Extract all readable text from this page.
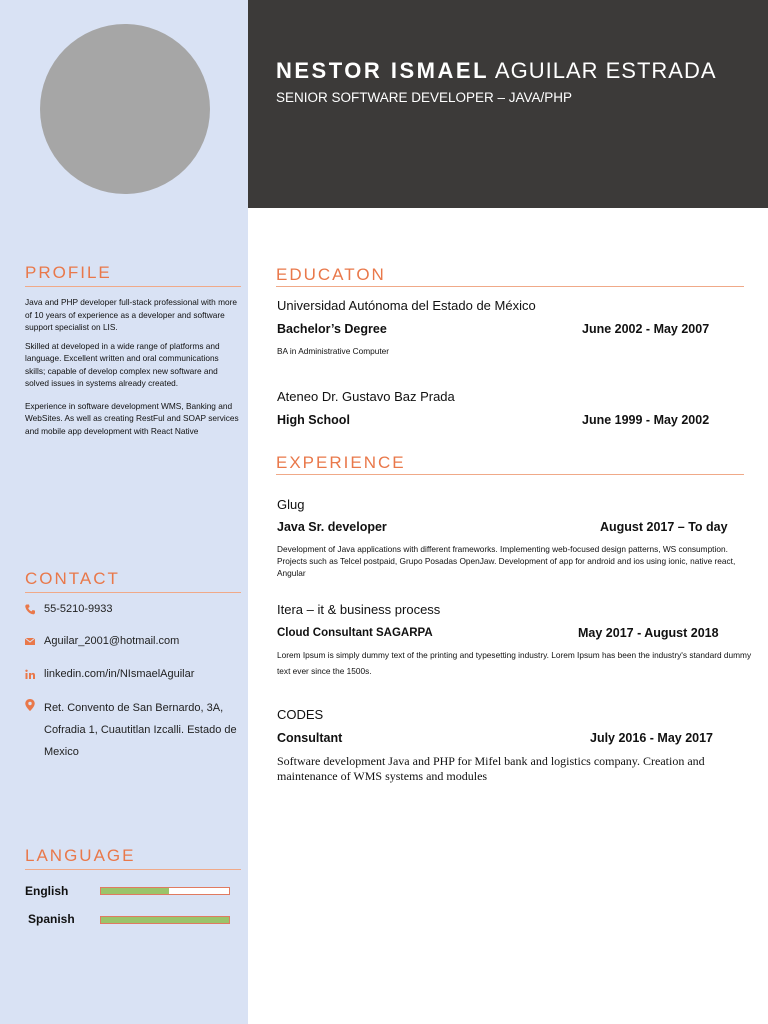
NESTOR ISMAEL AGUILAR ESTRADA
SENIOR SOFTWARE DEVELOPER – JAVA/PHP
PROFILE

Java and PHP developer full-stack professional with more of 10 years of experience as a developer and software support specialist on LIS.

Skilled at developed in a wide range of platforms and language. Excellent written and oral communications skills; capable of develop complex new software and solved issues in systems already created.

Experience in software development WMS, Banking and WebSites. As well as creating RestFul and SOAP services and mobile app development with React Native

CONTACT
55-5210-9933
Aguilar_2001@hotmail.com
linkedin.com/in/NIsmaelAguilar
Ret. Convento de San Bernardo, 3A, Cofradia 1, Cuautitlan Izcalli. Estado de Mexico
LANGUAGE
English
Spanish
EDUCATON
Universidad Autónoma del Estado de México
Bachelor’s Degree	June 2002 - May 2007
BA in Administrative Computer
Ateneo Dr. Gustavo Baz Prada
High School	June 1999 - May 2002
EXPERIENCE
Glug
Java Sr. developer	August 2017 – To day
Development of Java applications with different frameworks. Implementing web-focused design patterns, WS consumption. Projects such as Telcel postpaid, Grupo Posadas OpenJaw. Development of app for android and ios using ionic, native react, Angular
Itera – it & business process
Cloud Consultant SAGARPA	May 2017 - August 2018
Lorem Ipsum is simply dummy text of the printing and typesetting industry. Lorem Ipsum has been the industry's standard dummy text ever since the 1500s.
CODES
Consultant	July 2016 - May 2017
Software development Java and PHP for Mifel bank and logistics company. Creation and maintenance of WMS systems and modules
